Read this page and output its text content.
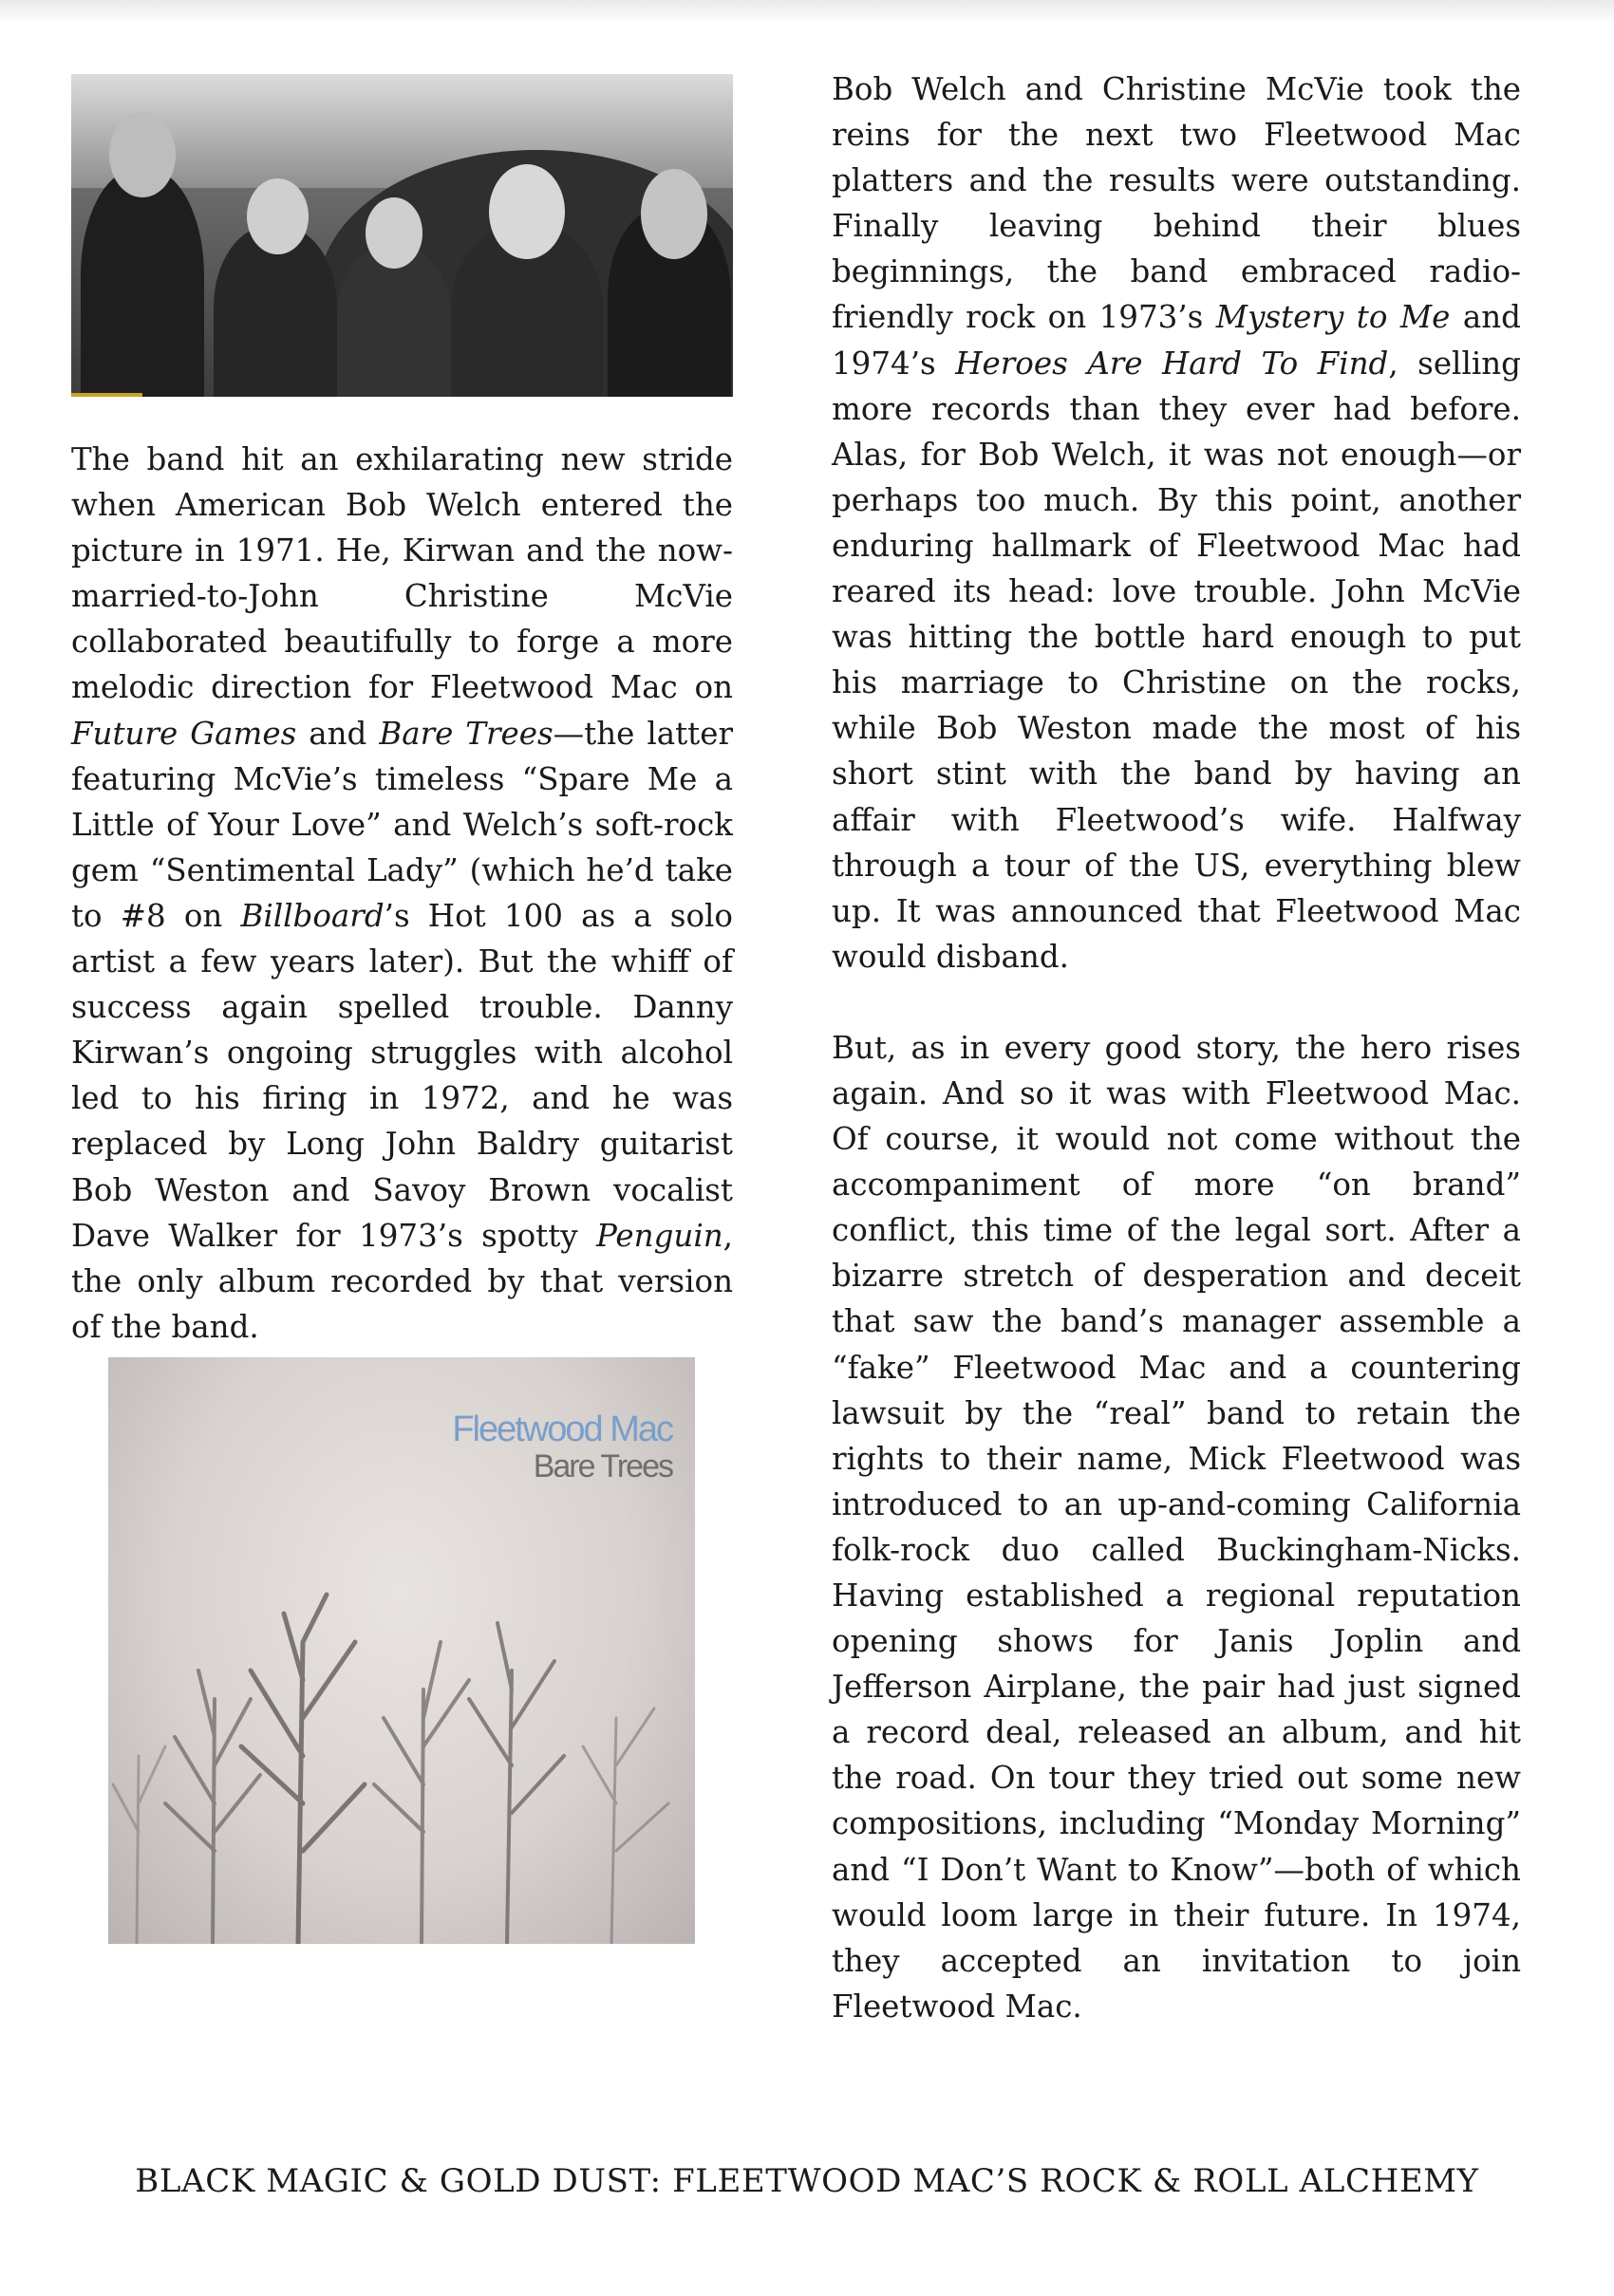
The band hit an exhilarating new stride when American Bob Welch entered the picture in 1971. He, Kirwan and the now-married-to-John Christine McVie collaborated beautifully to forge a more melodic direction for Fleetwood Mac on Future Games and Bare Trees—the latter featuring McVie’s timeless “Spare Me a Little of Your Love” and Welch’s soft-rock gem “Sentimental Lady” (which he’d take to #8 on Billboard’s Hot 100 as a solo artist a few years later). But the whiff of success again spelled trouble. Danny Kirwan’s ongoing struggles with alcohol led to his firing in 1972, and he was replaced by Long John Baldry guitarist Bob Weston and Savoy Brown vocalist Dave Walker for 1973’s spotty Penguin, the only album recorded by that version of the band.

Fleetwood Mac
Bare Trees

Bob Welch and Christine McVie took the reins for the next two Fleetwood Mac platters and the results were outstanding. Finally leaving behind their blues beginnings, the band embraced radio-friendly rock on 1973’s Mystery to Me and 1974’s Heroes Are Hard To Find, selling more records than they ever had before. Alas, for Bob Welch, it was not enough—or perhaps too much. By this point, another enduring hallmark of Fleetwood Mac had reared its head: love trouble. John McVie was hitting the bottle hard enough to put his marriage to Christine on the rocks, while Bob Weston made the most of his short stint with the band by having an affair with Fleetwood’s wife. Halfway through a tour of the US, everything blew up. It was announced that Fleetwood Mac would disband.

But, as in every good story, the hero rises again. And so it was with Fleetwood Mac. Of course, it would not come without the accompaniment of more “on brand” conflict, this time of the legal sort. After a bizarre stretch of desperation and deceit that saw the band’s manager assemble a “fake” Fleetwood Mac and a countering lawsuit by the “real” band to retain the rights to their name, Mick Fleetwood was introduced to an up-and-coming California folk-rock duo called Buckingham-Nicks. Having established a regional reputation opening shows for Janis Joplin and Jefferson Airplane, the pair had just signed a record deal, released an album, and hit the road. On tour they tried out some new compositions, including “Monday Morning” and “I Don’t Want to Know”—both of which would loom large in their future. In 1974, they accepted an invitation to join Fleetwood Mac.

BLACK MAGIC & GOLD DUST: FLEETWOOD MAC’S ROCK & ROLL ALCHEMY
